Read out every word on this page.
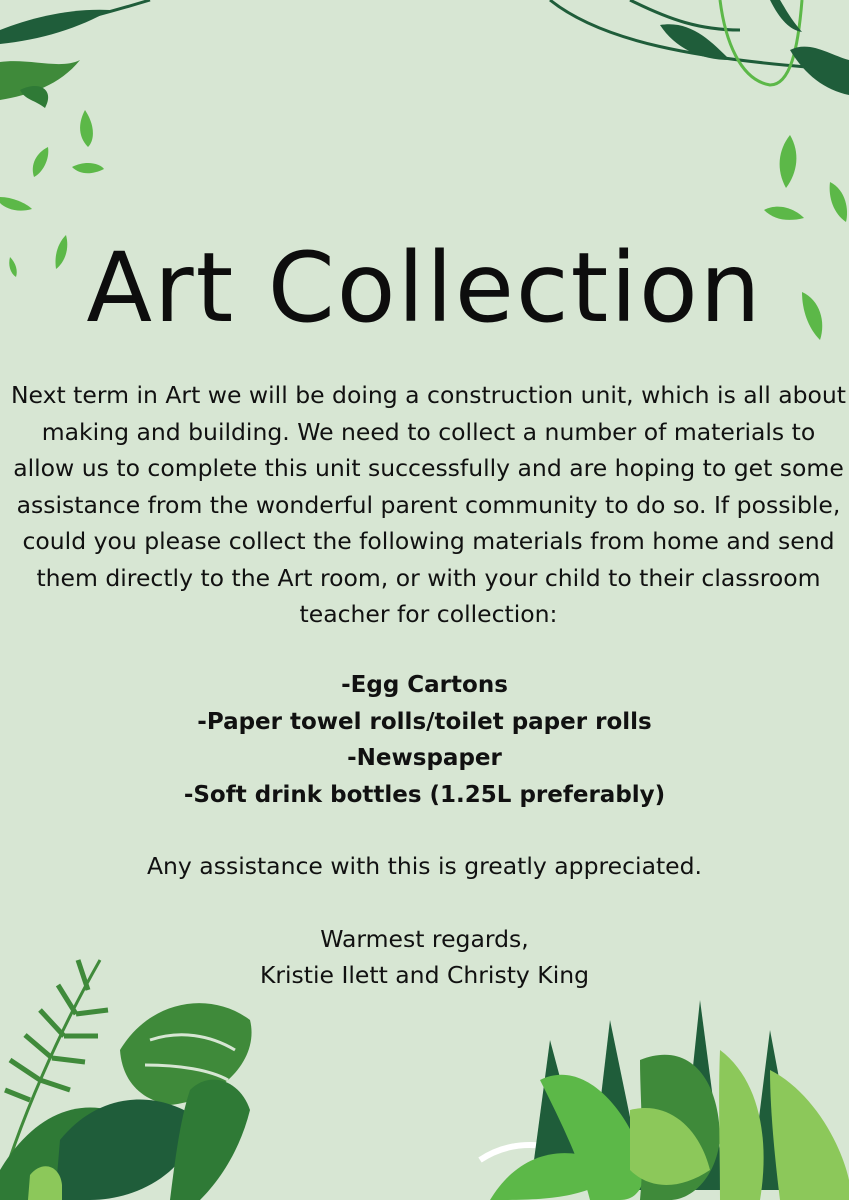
Art Collection

Next term in Art we will be doing a construction unit, which is all about making and building. We need to collect a number of materials to allow us to complete this unit successfully and are hoping to get some assistance from the wonderful parent community to do so. If possible, could you please collect the following materials from home and send them directly to the Art room, or with your child to their classroom teacher for collection:

-Egg Cartons
-Paper towel rolls/toilet paper rolls
-Newspaper
-Soft drink bottles (1.25L preferably)

Any assistance with this is greatly appreciated.

Warmest regards,
Kristie Ilett and Christy King
